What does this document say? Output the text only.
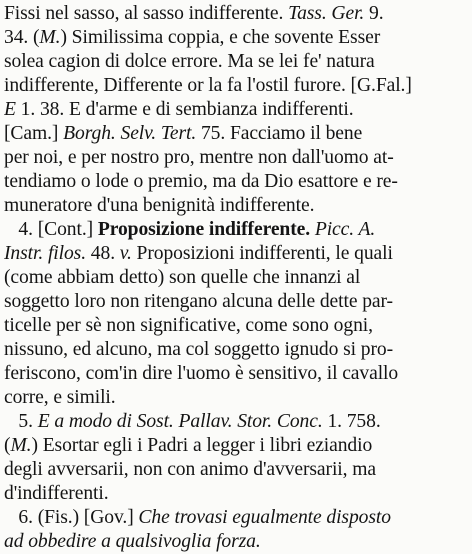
Fissi nel sasso, al sasso indifferente. Tass. Ger. 9.
34. (M.) Similissima coppia, e che sovente Esser
solea cagion di dolce errore. Ma se lei fe' natura
indifferente, Differente or la fa l'ostil furore. [G.Fal.]
E 1. 38. E d'arme e di sembianza indifferenti.
[Cam.] Borgh. Selv. Tert. 75. Facciamo il bene
per noi, e per nostro pro, mentre non dall'uomo at-
tendiamo o lode o premio, ma da Dio esattore e re-
muneratore d'una benignità indifferente.
4. [Cont.] Proposizione indifferente. Picc. A.
Instr. filos. 48. v. Proposizioni indifferenti, le quali
(come abbiam detto) son quelle che innanzi al
soggetto loro non ritengano alcuna delle dette par-
ticelle per sè non significative, come sono ogni,
nissuno, ed alcuno, ma col soggetto ignudo si pro-
feriscono, com'in dire l'uomo è sensitivo, il cavallo
corre, e simili.
5. E a modo di Sost. Pallav. Stor. Conc. 1. 758.
(M.) Esortar egli i Padri a legger i libri eziandio
degli avversarii, non con animo d'avversarii, ma
d'indifferenti.
6. (Fis.) [Gov.] Che trovasi egualmente disposto
ad obbedire a qualsivoglia forza.
